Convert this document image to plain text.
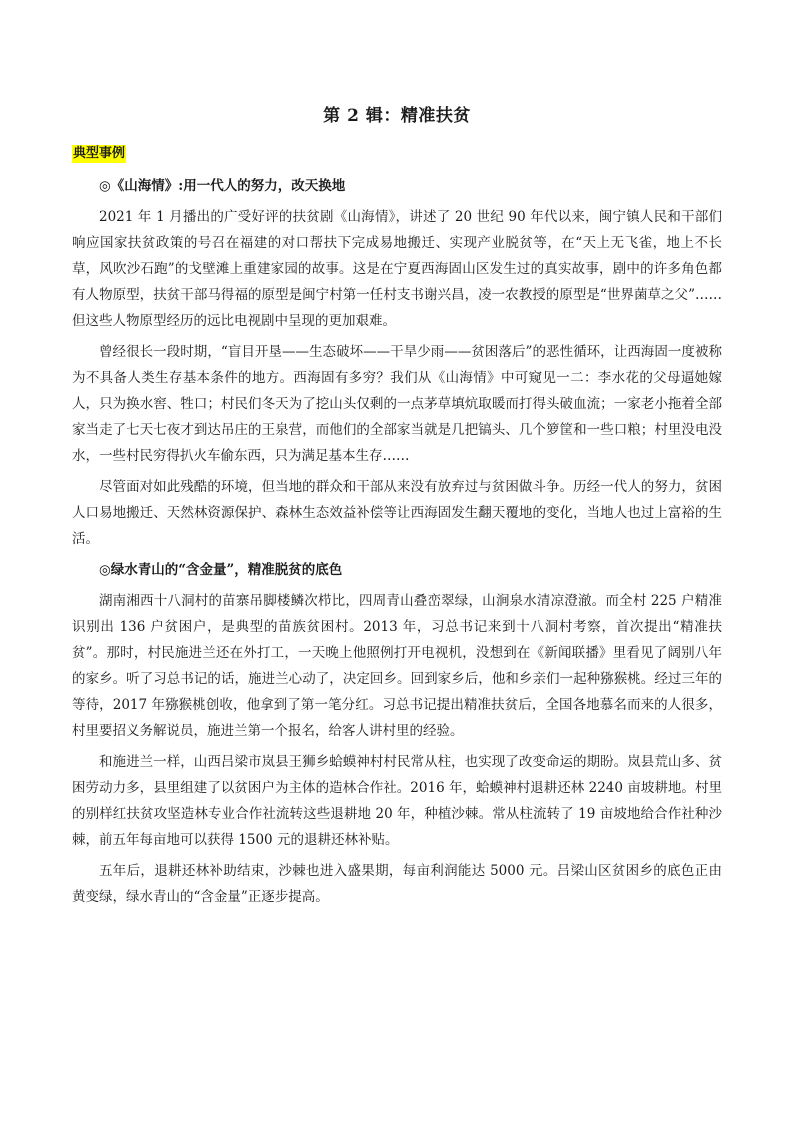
第 2 辑：精准扶贫
典型事例

◎《山海情》:用一代人的努力，改天换地

2021 年 1 月播出的广受好评的扶贫剧《山海情》，讲述了 20 世纪 90 年代以来，闽宁镇人民和干部们响应国家扶贫政策的号召在福建的对口帮扶下完成易地搬迁、实现产业脱贫等，在“天上无飞雀，地上不长草，风吹沙石跑”的戈壁滩上重建家园的故事。这是在宁夏西海固山区发生过的真实故事，剧中的许多角色都有人物原型，扶贫干部马得福的原型是闽宁村第一任村支书谢兴昌，凌一农教授的原型是“世界菌草之父”……但这些人物原型经历的远比电视剧中呈现的更加艰难。

曾经很长一段时期，“盲目开垦——生态破坏——干旱少雨——贫困落后”的恶性循环，让西海固一度被称为不具备人类生存基本条件的地方。西海固有多穷？我们从《山海情》中可窥见一二：李水花的父母逼她嫁人，只为换水窖、牲口；村民们冬天为了挖山头仅剩的一点茅草填炕取暖而打得头破血流；一家老小拖着全部家当走了七天七夜才到达吊庄的王泉营，而他们的全部家当就是几把镐头、几个箩筐和一些口粮；村里没电没水，一些村民穷得扒火车偷东西，只为满足基本生存……

尽管面对如此残酷的环境，但当地的群众和干部从来没有放弃过与贫困做斗争。历经一代人的努力，贫困人口易地搬迁、天然林资源保护、森林生态效益补偿等让西海固发生翻天覆地的变化，当地人也过上富裕的生活。

◎绿水青山的“含金量”，精准脱贫的底色

湖南湘西十八洞村的苗寨吊脚楼鳞次栉比，四周青山叠峦翠绿，山涧泉水清凉澄澈。而全村 225 户精准识别出 136 户贫困户，是典型的苗族贫困村。2013 年，习总书记来到十八洞村考察，首次提出“精准扶贫”。那时，村民施进兰还在外打工，一天晚上他照例打开电视机，没想到在《新闻联播》里看见了阔别八年的家乡。听了习总书记的话，施进兰心动了，决定回乡。回到家乡后，他和乡亲们一起种猕猴桃。经过三年的等待，2017 年猕猴桃创收，他拿到了第一笔分红。习总书记提出精准扶贫后，全国各地慕名而来的人很多，村里要招义务解说员，施进兰第一个报名，给客人讲村里的经验。

和施进兰一样，山西吕梁市岚县王狮乡蛤蟆神村村民常从柱，也实现了改变命运的期盼。岚县荒山多、贫困劳动力多，县里组建了以贫困户为主体的造林合作社。2016 年，蛤蟆神村退耕还林 2240 亩坡耕地。村里的别样红扶贫攻坚造林专业合作社流转这些退耕地 20 年，种植沙棘。常从柱流转了 19 亩坡地给合作社种沙棘，前五年每亩地可以获得 1500 元的退耕还林补贴。

五年后，退耕还林补助结束，沙棘也进入盛果期，每亩利润能达 5000 元。吕梁山区贫困乡的底色正由黄变绿，绿水青山的“含金量”正逐步提高。
